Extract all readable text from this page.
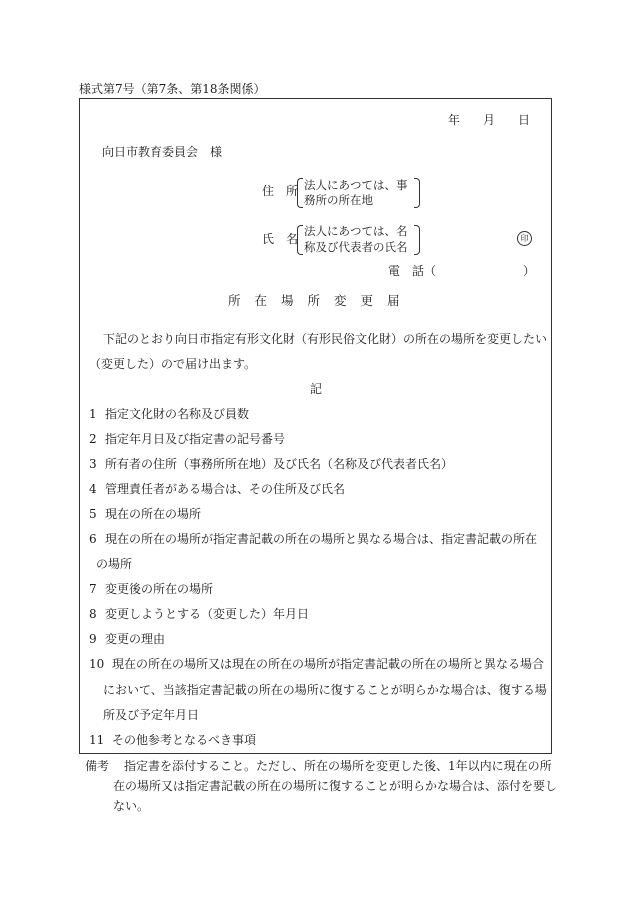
様式第7号（第7条、第18条関係）
年 月 日
向日市教育委員会　様
住　所 法人にあつては、事
務所の所在地
氏　名
法人にあつては、名
称及び代表者の氏名
印
電　話（	）
所在場所変更届
下記のとおり向日市指定有形文化財（有形民俗文化財）の所在の場所を変更したい
（変更した）ので届け出ます。
記
1 指定文化財の名称及び員数
2 指定年月日及び指定書の記号番号
3 所有者の住所（事務所所在地）及び氏名（名称及び代表者氏名）
4 管理責任者がある場合は、その住所及び氏名
5 現在の所在の場所
6 現在の所在の場所が指定書記載の所在の場所と異なる場合は、指定書記載の所在
の場所
7 変更後の所在の場所
8 変更しようとする（変更した）年月日
9 変更の理由
10 現在の所在の場所又は現在の所在の場所が指定書記載の所在の場所と異なる場合
において、当該指定書記載の所在の場所に復することが明らかな場合は、復する場
所及び予定年月日
11 その他参考となるべき事項
備考 指定書を添付すること。ただし、所在の場所を変更した後、1年以内に現在の所
在の場所又は指定書記載の所在の場所に復することが明らかな場合は、添付を要し
ない。
